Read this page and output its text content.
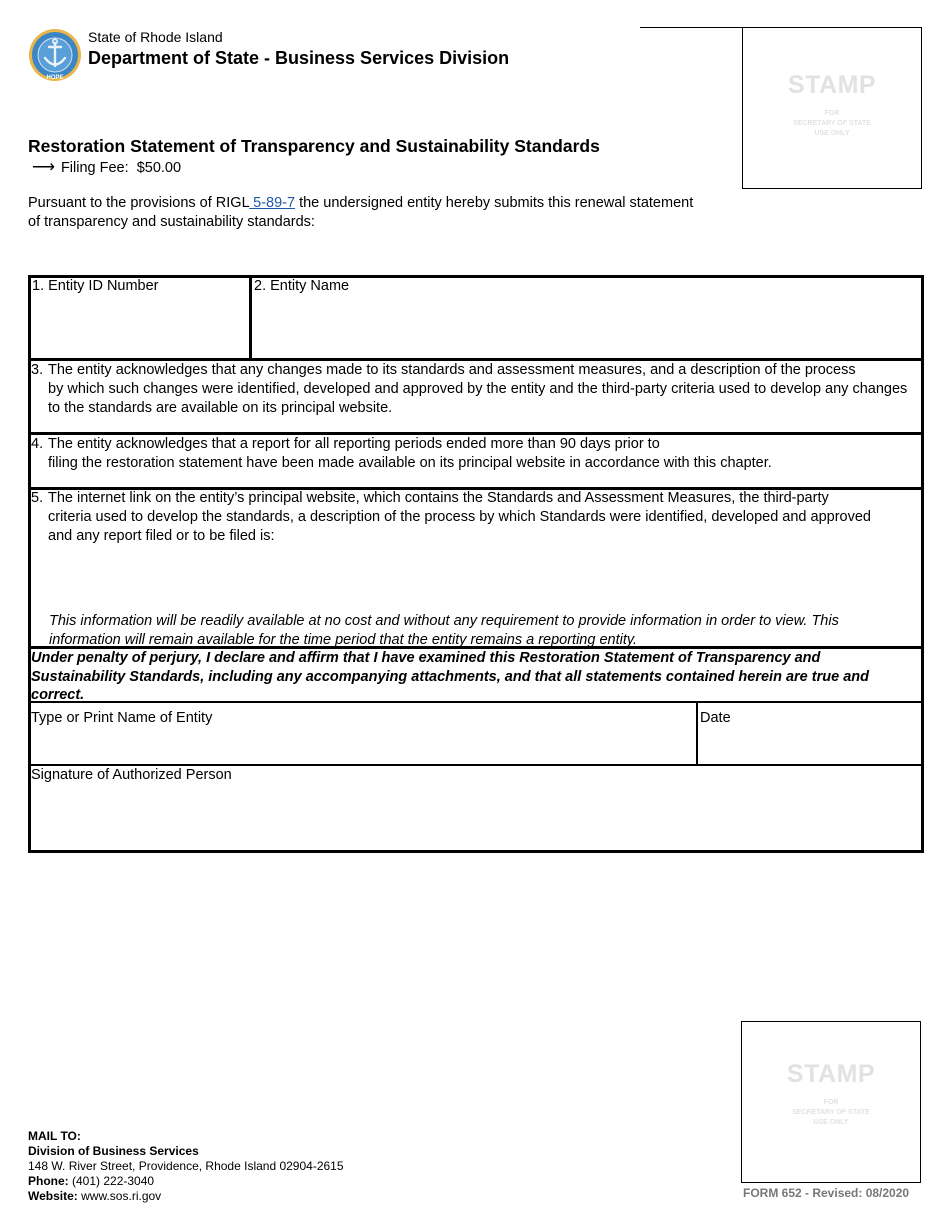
HOPE
State of Rhode Island
Department of State - Business Services Division
STAMP
FOR
SECRETARY OF STATE
USE ONLY
Restoration Statement of Transparency and Sustainability Standards
⟶ Filing Fee: $50.00
Pursuant to the provisions of RIGL 5-89-7 the undersigned entity hereby submits this renewal statement of transparency and sustainability standards:
1. Entity ID Number	2. Entity Name
3. The entity acknowledges that any changes made to its standards and assessment measures, and a description of the process
by which such changes were identified, developed and approved by the entity and the third-party criteria used to develop any changes to the standards are available on its principal website.
4. The entity acknowledges that a report for all reporting periods ended more than 90 days prior to
filing the restoration statement have been made available on its principal website in accordance with this chapter.
5. The internet link on the entity’s principal website, which contains the Standards and Assessment Measures, the third-party
criteria used to develop the standards, a description of the process by which Standards were identified, developed and approved and any report filed or to be filed is:
This information will be readily available at no cost and without any requirement to provide information in order to view. This information will remain available for the time period that the entity remains a reporting entity.
Under penalty of perjury, I declare and affirm that I have examined this Restoration Statement of Transparency and Sustainability Standards, including any accompanying attachments, and that all statements contained herein are true and correct.
Type or Print Name of Entity	Date
Signature of Authorized Person
STAMP
FOR
SECRETARY OF STATE
USE ONLY
MAIL TO:
Division of Business Services
148 W. River Street, Providence, Rhode Island 02904-2615
Phone: (401) 222-3040
Website: www.sos.ri.gov	FORM 652 - Revised: 08/2020
